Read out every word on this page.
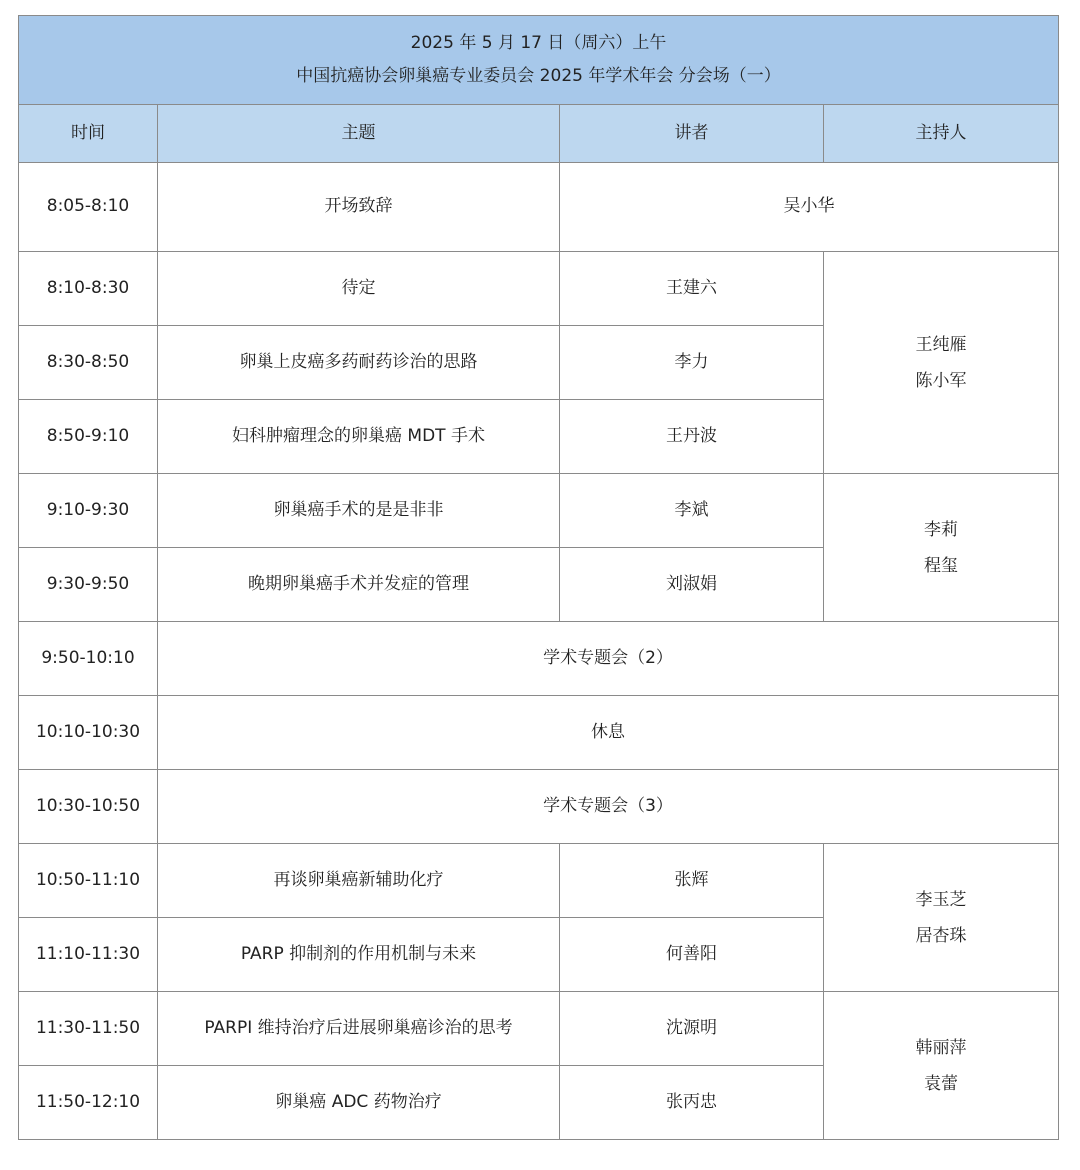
2025 年 5 月 17 日（周六）上午
中国抗癌协会卵巢癌专业委员会 2025 年学术年会 分会场（一）			

时间	主题	讲者	主持人
8:05-8:10	开场致辞	吴小华	
8:10-8:30	待定	王建六	王纯雁
陈小军

8:30-8:50	卵巢上皮癌多药耐药诊治的思路	李力	
8:50-9:10	妇科肿瘤理念的卵巢癌 MDT 手术	王丹波	
9:10-9:30	卵巢癌手术的是是非非	李斌	李莉
程玺

9:30-9:50	晚期卵巢癌手术并发症的管理	刘淑娟	
9:50-10:10	学术专题会（2）		
10:10-10:30	休息		
10:30-10:50	学术专题会（3）		
10:50-11:10	再谈卵巢癌新辅助化疗	张辉	李玉芝
居杏珠

11:10-11:30	PARP 抑制剂的作用机制与未来	何善阳	
11:30-11:50	PARPI 维持治疗后进展卵巢癌诊治的思考	沈源明	韩丽萍
袁蕾

11:50-12:10	卵巢癌 ADC 药物治疗	张丙忠	
